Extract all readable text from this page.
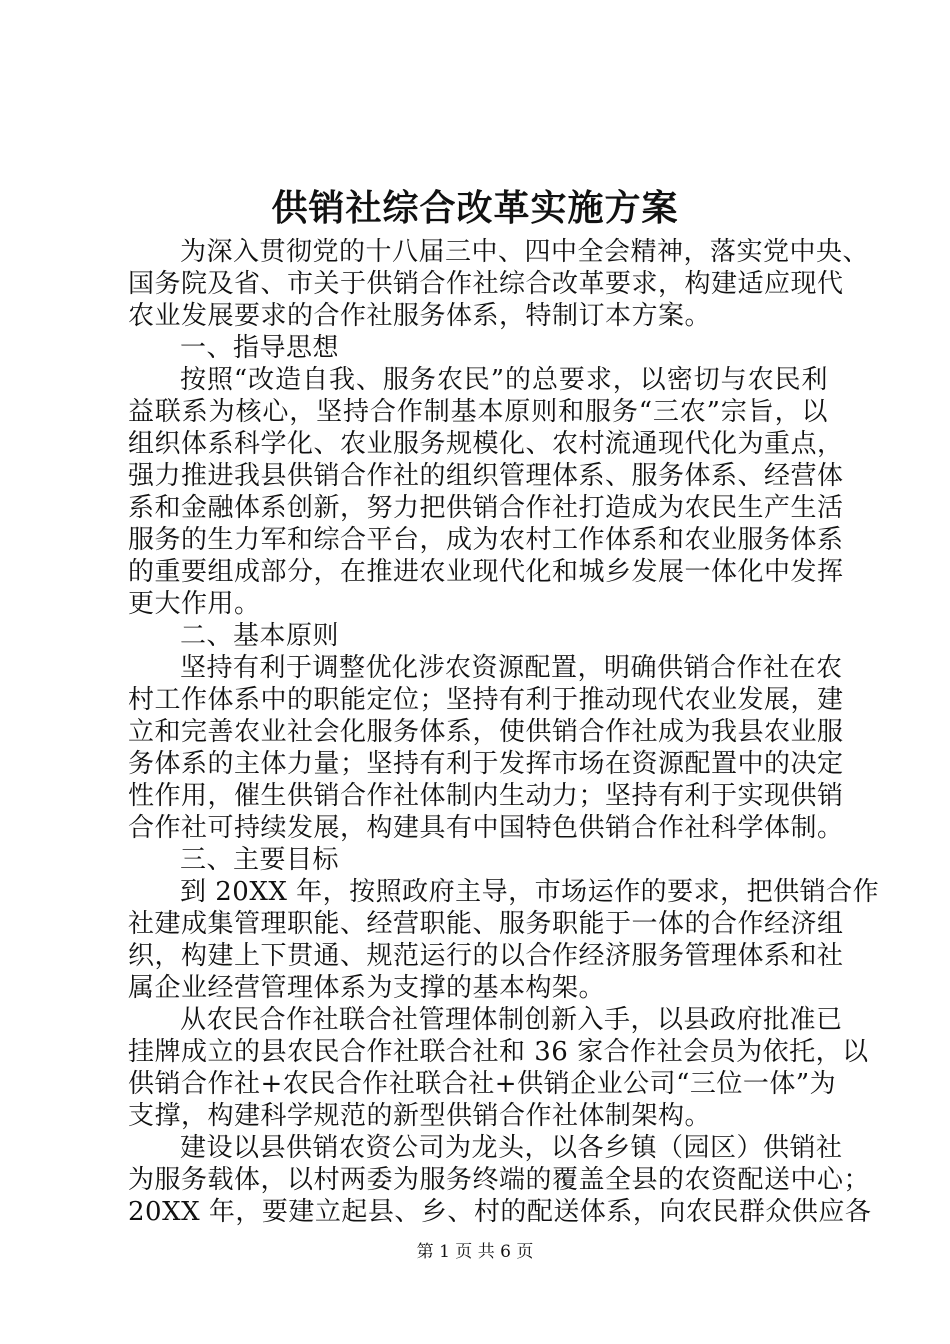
供销社综合改革实施方案
为深入贯彻党的十八届三中、四中全会精神，落实党中央、
国务院及省、市关于供销合作社综合改革要求，构建适应现代
农业发展要求的合作社服务体系，特制订本方案。
一、指导思想
按照“改造自我、服务农民”的总要求，以密切与农民利
益联系为核心，坚持合作制基本原则和服务“三农”宗旨，以
组织体系科学化、农业服务规模化、农村流通现代化为重点，
强力推进我县供销合作社的组织管理体系、服务体系、经营体
系和金融体系创新，努力把供销合作社打造成为农民生产生活
服务的生力军和综合平台，成为农村工作体系和农业服务体系
的重要组成部分，在推进农业现代化和城乡发展一体化中发挥
更大作用。
二、基本原则
坚持有利于调整优化涉农资源配置，明确供销合作社在农
村工作体系中的职能定位；坚持有利于推动现代农业发展，建
立和完善农业社会化服务体系，使供销合作社成为我县农业服
务体系的主体力量；坚持有利于发挥市场在资源配置中的决定
性作用，催生供销合作社体制内生动力；坚持有利于实现供销
合作社可持续发展，构建具有中国特色供销合作社科学体制。
三、主要目标
到 20XX 年，按照政府主导，市场运作的要求，把供销合作
社建成集管理职能、经营职能、服务职能于一体的合作经济组
织，构建上下贯通、规范运行的以合作经济服务管理体系和社
属企业经营管理体系为支撑的基本构架。
从农民合作社联合社管理体制创新入手，以县政府批准已
挂牌成立的县农民合作社联合社和 36 家合作社会员为依托，以
供销合作社+农民合作社联合社+供销企业公司“三位一体”为
支撑，构建科学规范的新型供销合作社体制架构。
建设以县供销农资公司为龙头，以各乡镇（园区）供销社
为服务载体，以村两委为服务终端的覆盖全县的农资配送中心；
20XX 年，要建立起县、乡、村的配送体系，向农民群众供应各
第 1 页 共 6 页
